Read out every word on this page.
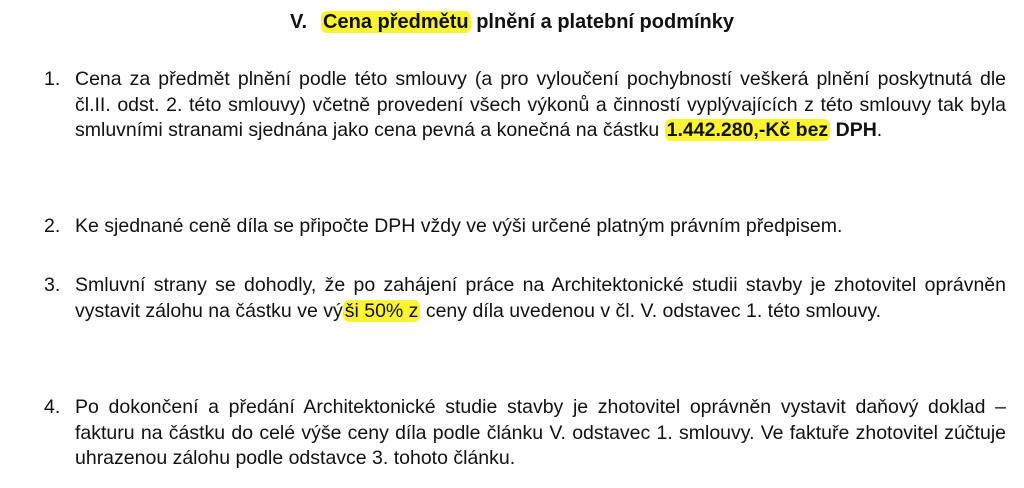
V. Cena předmětu plnění a platební podmínky
1. Cena za předmět plnění podle této smlouvy (a pro vyloučení pochybností veškerá plnění poskytnutá dle čl.II. odst. 2. této smlouvy) včetně provedení všech výkonů a činností vyplývajících z této smlouvy tak byla smluvními stranami sjednána jako cena pevná a konečná na částku 1.442.280,-Kč bez DPH.
2. Ke sjednané ceně díla se připočte DPH vždy ve výši určené platným právním předpisem.
3. Smluvní strany se dohodly, že po zahájení práce na Architektonické studii stavby je zhotovitel oprávněn vystavit zálohu na částku ve vý ši 50% z ceny díla uvedenou v čl. V. odstavec 1. této smlouvy.
4. Po dokončení a předání Architektonické studie stavby je zhotovitel oprávněn vystavit daňový doklad – fakturu na částku do celé výše ceny díla podle článku V. odstavec 1. smlouvy. Ve faktuře zhotovitel zúčtuje uhrazenou zálohu podle odstavce 3. tohoto článku.
